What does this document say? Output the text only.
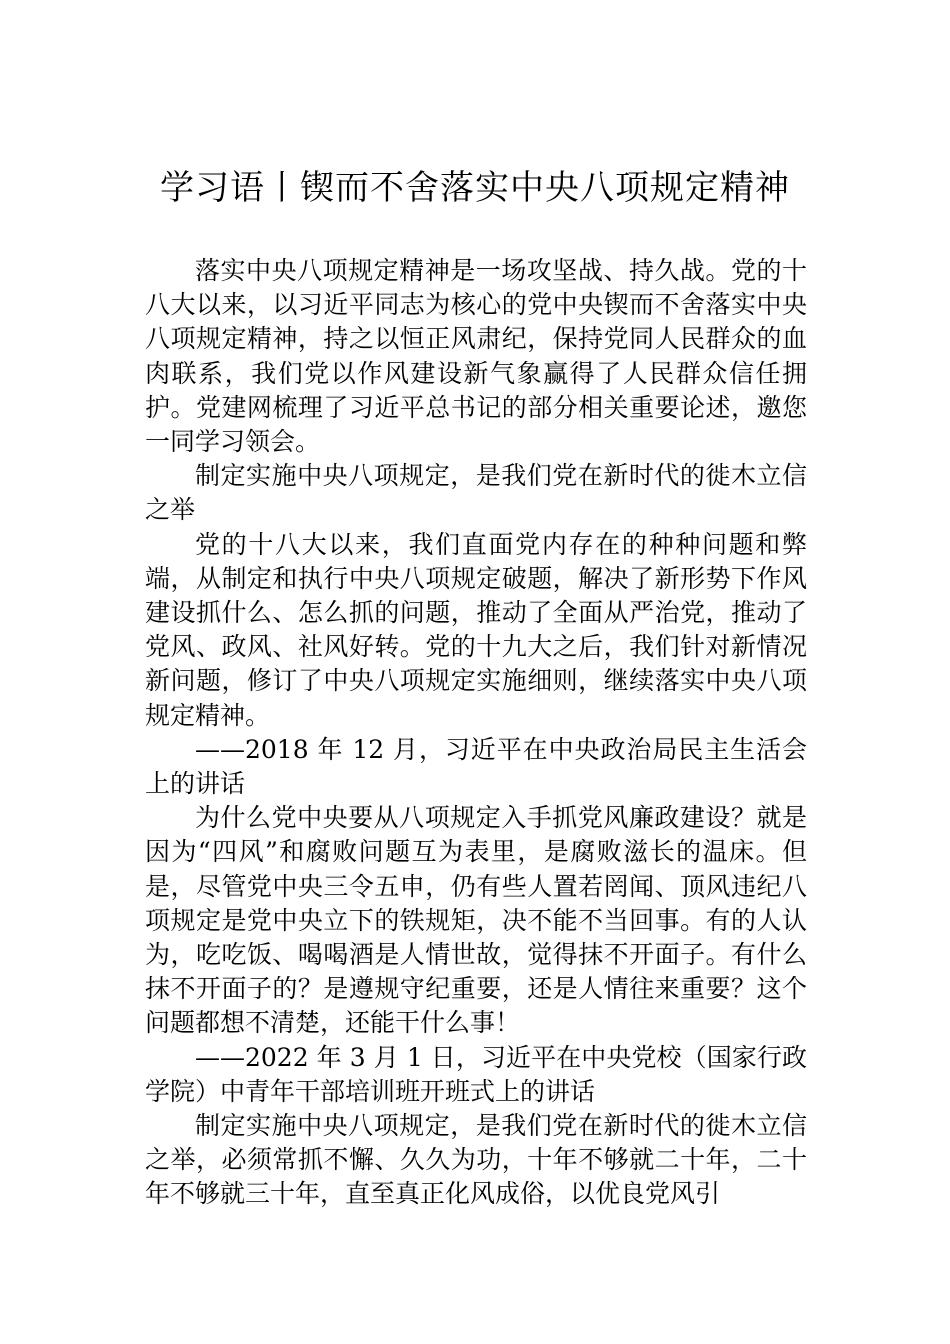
学习语丨锲而不舍落实中央八项规定精神

落实中央八项规定精神是一场攻坚战、持久战。党的十八大以来，以习近平同志为核心的党中央锲而不舍落实中央八项规定精神，持之以恒正风肃纪，保持党同人民群众的血肉联系，我们党以作风建设新气象赢得了人民群众信任拥护。党建网梳理了习近平总书记的部分相关重要论述，邀您一同学习领会。

制定实施中央八项规定，是我们党在新时代的徙木立信之举

党的十八大以来，我们直面党内存在的种种问题和弊端，从制定和执行中央八项规定破题，解决了新形势下作风建设抓什么、怎么抓的问题，推动了全面从严治党，推动了党风、政风、社风好转。党的十九大之后，我们针对新情况新问题，修订了中央八项规定实施细则，继续落实中央八项规定精神。

——2018 年 12 月，习近平在中央政治局民主生活会上的讲话

为什么党中央要从八项规定入手抓党风廉政建设？就是因为“四风”和腐败问题互为表里，是腐败滋长的温床。但是，尽管党中央三令五申，仍有些人置若罔闻、顶风违纪八项规定是党中央立下的铁规矩，决不能不当回事。有的人认为，吃吃饭、喝喝酒是人情世故，觉得抹不开面子。有什么抹不开面子的？是遵规守纪重要，还是人情往来重要？这个问题都想不清楚，还能干什么事！

——2022 年 3 月 1 日，习近平在中央党校（国家行政学院）中青年干部培训班开班式上的讲话

制定实施中央八项规定，是我们党在新时代的徙木立信之举，必须常抓不懈、久久为功，十年不够就二十年，二十年不够就三十年，直至真正化风成俗，以优良党风引
